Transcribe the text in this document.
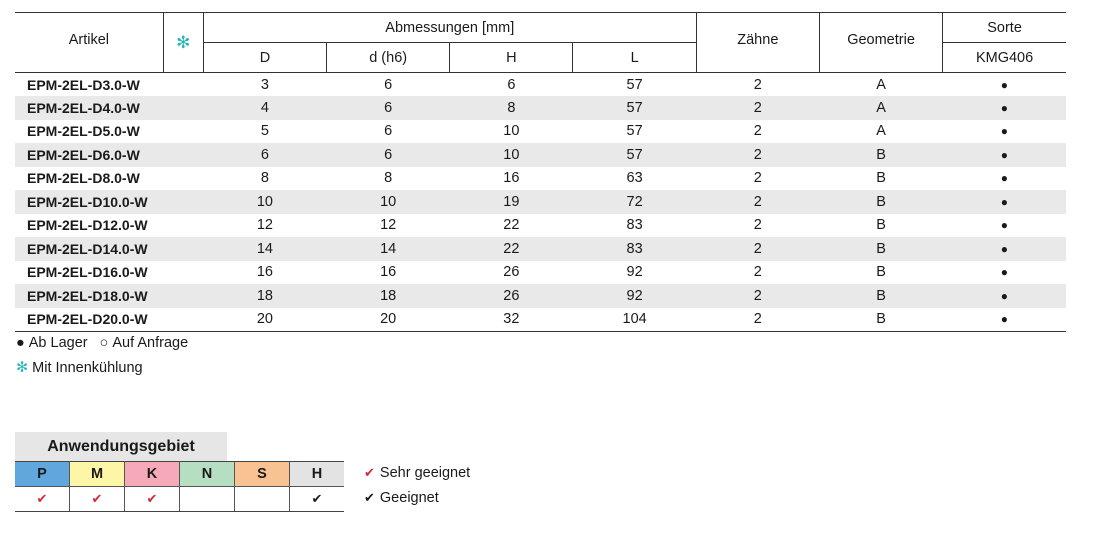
Artikel	✻	Abmessungen [mm]				Zähne	Geometrie	Sorte
		D	d (h6)	H	L			KMG406
EPM-2EL-D3.0-W		3	6	6	57	2	A	●
EPM-2EL-D4.0-W		4	6	8	57	2	A	●
EPM-2EL-D5.0-W		5	6	10	57	2	A	●
EPM-2EL-D6.0-W		6	6	10	57	2	B	●
EPM-2EL-D8.0-W		8	8	16	63	2	B	●
EPM-2EL-D10.0-W		10	10	19	72	2	B	●
EPM-2EL-D12.0-W		12	12	22	83	2	B	●
EPM-2EL-D14.0-W		14	14	22	83	2	B	●
EPM-2EL-D16.0-W		16	16	26	92	2	B	●
EPM-2EL-D18.0-W		18	18	26	92	2	B	●
EPM-2EL-D20.0-W		20	20	32	104	2	B	●
● Ab Lager ○ Auf Anfrage
✻ Mit Innenkühlung
Anwendungsgebiet
P	M	K	N	S	H
✔	✔	✔			✔
✔ Sehr geeignet
✔ Geeignet
